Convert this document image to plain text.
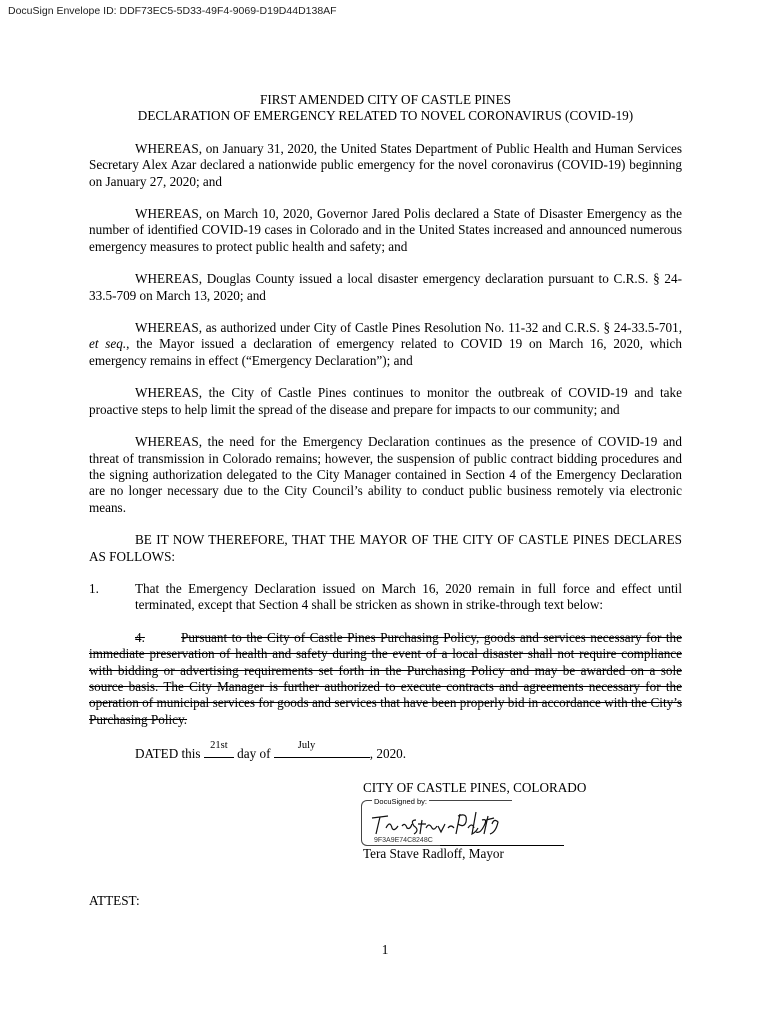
DocuSign Envelope ID: DDF73EC5-5D33-49F4-9069-D19D44D138AF

FIRST AMENDED CITY OF CASTLE PINES

DECLARATION OF EMERGENCY RELATED TO NOVEL CORONAVIRUS (COVID-19)

WHEREAS, on January 31, 2020, the United States Department of Public Health and Human Services Secretary Alex Azar declared a nationwide public emergency for the novel coronavirus (COVID-19) beginning on January 27, 2020; and

WHEREAS, on March 10, 2020, Governor Jared Polis declared a State of Disaster Emergency as the number of identified COVID-19 cases in Colorado and in the United States increased and announced numerous emergency measures to protect public health and safety; and

WHEREAS, Douglas County issued a local disaster emergency declaration pursuant to C.R.S. § 24-33.5-709 on March 13, 2020; and

WHEREAS, as authorized under City of Castle Pines Resolution No. 11-32 and C.R.S. § 24-33.5-701, et seq., the Mayor issued a declaration of emergency related to COVID 19 on March 16, 2020, which emergency remains in effect (“Emergency Declaration”); and

WHEREAS, the City of Castle Pines continues to monitor the outbreak of COVID-19 and take proactive steps to help limit the spread of the disease and prepare for impacts to our community; and

WHEREAS, the need for the Emergency Declaration continues as the presence of COVID-19 and threat of transmission in Colorado remains; however, the suspension of public contract bidding procedures and the signing authorization delegated to the City Manager contained in Section 4 of the Emergency Declaration are no longer necessary due to the City Council’s ability to conduct public business remotely via electronic means.

BE IT NOW THEREFORE, THAT THE MAYOR OF THE CITY OF CASTLE PINES DECLARES AS FOLLOWS:

1.	That the Emergency Declaration issued on March 16, 2020 remain in full force and effect until terminated, except that Section 4 shall be stricken as shown in strike-through text below:

4.	Pursuant to the City of Castle Pines Purchasing Policy, goods and services necessary for the immediate preservation of health and safety during the event of a local disaster shall not require compliance with bidding or advertising requirements set forth in the Purchasing Policy and may be awarded on a sole source basis. The City Manager is further authorized to execute contracts and agreements necessary for the operation of municipal services for goods and services that have been properly bid in accordance with the City’s Purchasing Policy.

DATED this
21st
day of
July
, 2020.

CITY OF CASTLE PINES, COLORADO
DocuSigned by:
9F3A9E74C8248C
Tera Stave Radloff, Mayor
ATTEST:
1
